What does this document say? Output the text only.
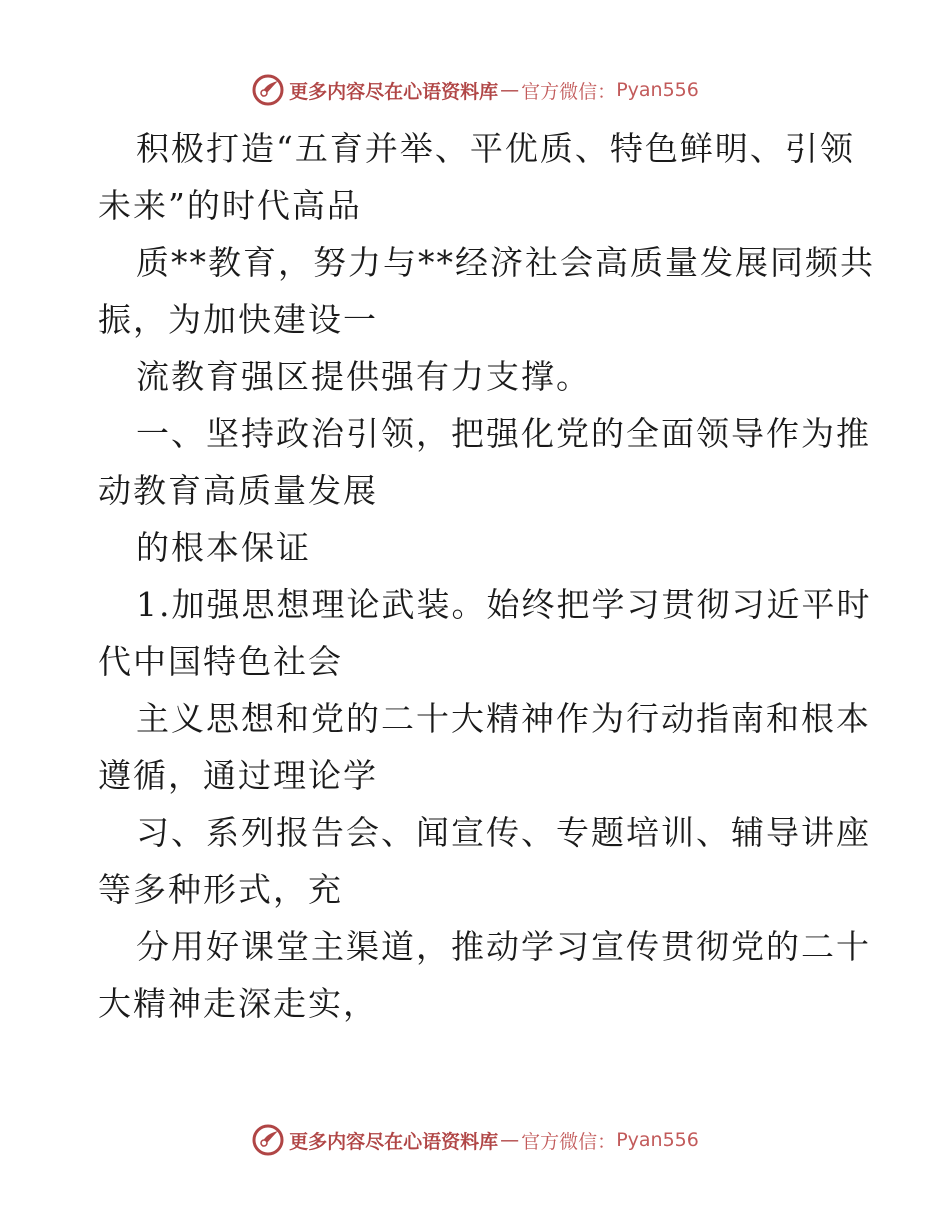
更多内容尽在心语资料库 — 官方微信： Pyan556

积极打造“五育并举、平优质、特色鲜明、引领
未来”的时代高品

质**教育，努力与**经济社会高质量发展同频共
振，为加快建设一

流教育强区提供强有力支撑。

一、坚持政治引领，把强化党的全面领导作为推
动教育高质量发展

的根本保证

1.加强思想理论武装。始终把学习贯彻习近平时
代中国特色社会

主义思想和党的二十大精神作为行动指南和根本
遵循，通过理论学

习、系列报告会、闻宣传、专题培训、辅导讲座
等多种形式，充

分用好课堂主渠道，推动学习宣传贯彻党的二十
大精神走深走实，

更多内容尽在心语资料库 — 官方微信： Pyan556
